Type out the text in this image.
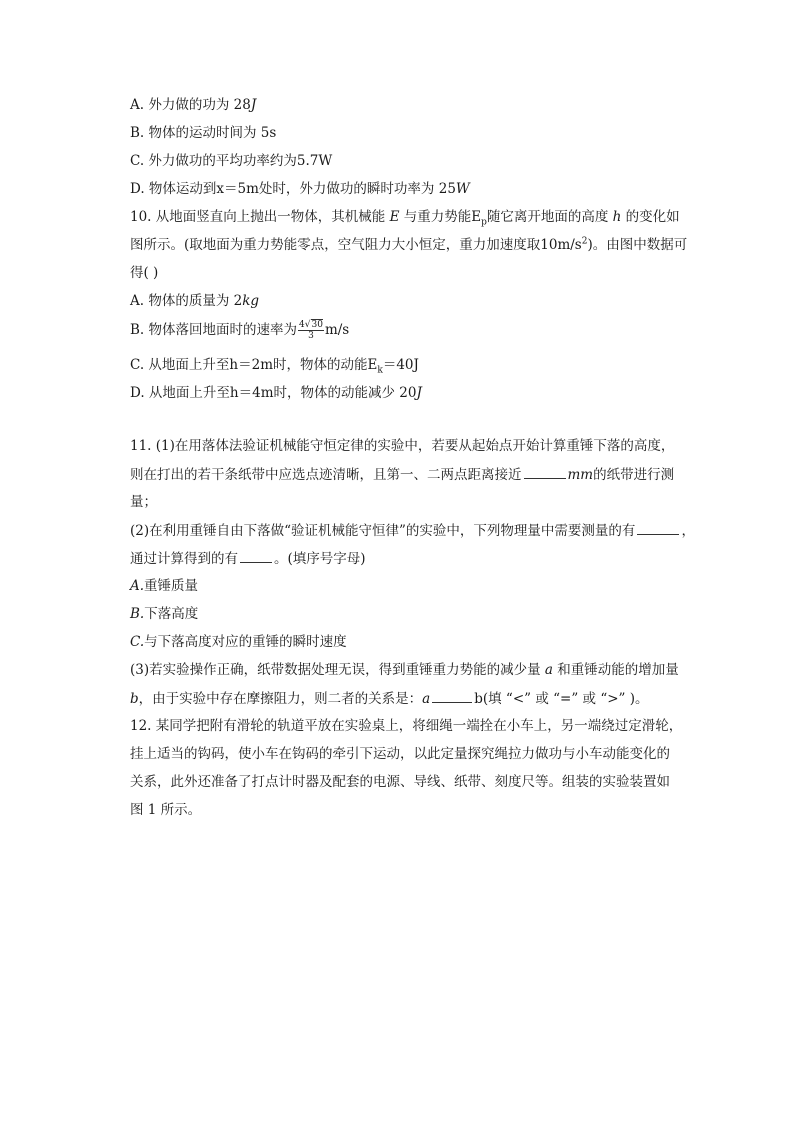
A. 外力做的功为 28J
B. 物体的运动时间为 5s
C. 外力做功的平均功率约为5.7W
D. 物体运动到x＝5m处时，外力做功的瞬时功率为 25W
10. 从地面竖直向上抛出一物体，其机械能 E 与重力势能$E_p$随它离开地面的高度 h 的变化如
图所示。(取地面为重力势能零点，空气阻力大小恒定，重力加速度取$10m/s^2$)。由图中数据可
得( )
A. 物体的质量为 2kg
B. 物体落回地面时的速率为 $\frac{4√30}{3} m/s$
C. 从地面上升至h＝2m时，物体的动能$E_k=40J$
D. 从地面上升至h＝4m时，物体的动能减少 20J
11. (1)在用落体法验证机械能守恒定律的实验中，若要从起始点开始计算重锤下落的高度，
则在打出的若干条纸带中应选点迹清晰，且第一、二两点距离接近	mm的纸带进行测
量；
(2)在利用重锤自由下落做“验证机械能守恒律”的实验中，下列物理量中需要测量的有	，
通过计算得到的有	。(填序号字母)
A.重锤质量
B.下落高度
C.与下落高度对应的重锤的瞬时速度
(3)若实验操作正确，纸带数据处理无误，得到重锤重力势能的减少量 a 和重锤动能的增加量
b，由于实验中存在摩擦阻力，则二者的关系是：a	b(填 “<” 或 “=” 或 “>” )。
12. 某同学把附有滑轮的轨道平放在实验桌上，将细绳一端拴在小车上，另一端绕过定滑轮，
挂上适当的钩码，使小车在钩码的牵引下运动，以此定量探究绳拉力做功与小车动能变化的
关系，此外还准备了打点计时器及配套的电源、导线、纸带、刻度尺等。组装的实验装置如
图 1 所示。
